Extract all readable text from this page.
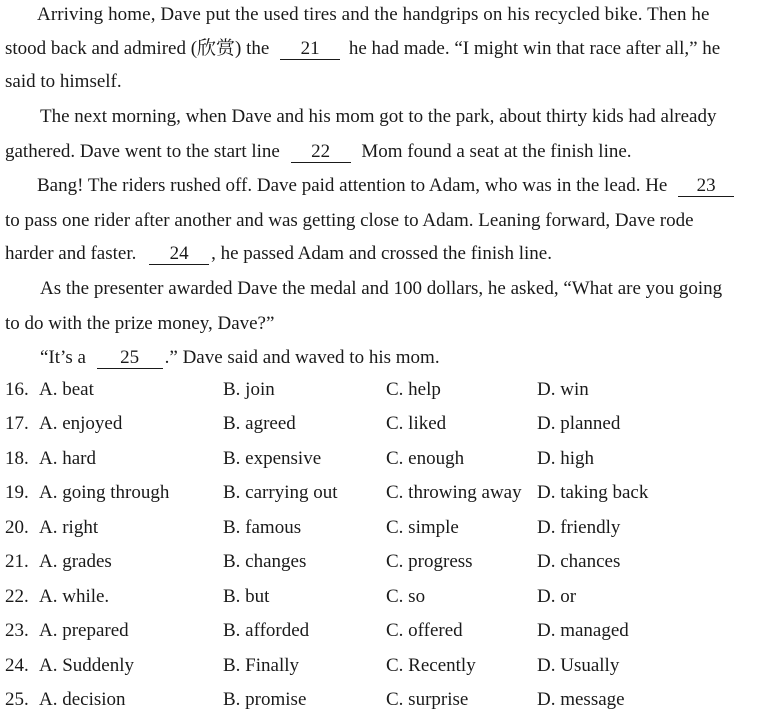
Arriving home, Dave put the used tires and the handgrips on his recycled bike. Then he
stood back and admired (欣赏) the 21 he had made. “I might win that race after all,” he
said to himself.
The next morning, when Dave and his mom got to the park, about thirty kids had already
gathered. Dave went to the start line 22 Mom found a seat at the finish line.
Bang! The riders rushed off. Dave paid attention to Adam, who was in the lead. He 23
to pass one rider after another and was getting close to Adam. Leaning forward, Dave rode
harder and faster. 24 , he passed Adam and crossed the finish line.
As the presenter awarded Dave the medal and 100 dollars, he asked, “What are you going
to do with the prize money, Dave?”
“It’s a 25 .” Dave said and waved to his mom.
16. A. beat	B. join	C. help	D. win
17. A. enjoyed	B. agreed	C. liked	D. planned
18. A. hard	B. expensive	C. enough	D. high
19. A. going through	B. carrying out	C. throwing away D. taking back
20. A. right	B. famous	C. simple	D. friendly
21. A. grades	B. changes	C. progress	D. chances
22. A. while.	B. but	C. so	D. or
23. A. prepared	B. afforded	C. offered	D. managed
24. A. Suddenly	B. Finally	C. Recently	D. Usually
25. A. decision	B. promise	C. surprise	D. message
